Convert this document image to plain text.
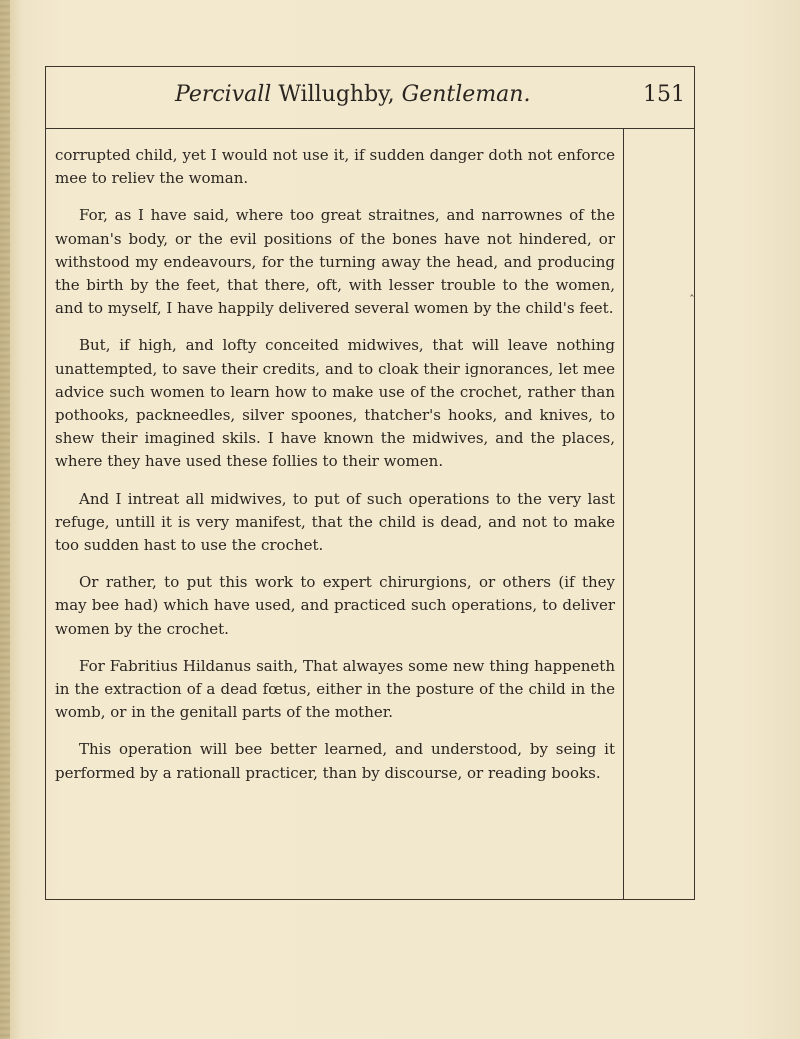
Percivall Willughby, Gentleman.	151
‸

corrupted child, yet I would not use it, if sudden danger doth not enforce mee to reliev the woman.

For, as I have said, where too great straitnes, and narrownes of the woman's body, or the evil positions of the bones have not hindered, or withstood my endeavours, for the turning away the head, and producing the birth by the feet, that there, oft, with lesser trouble to the women, and to myself, I have happily delivered several women by the child's feet.

But, if high, and lofty conceited midwives, that will leave nothing unattempted, to save their credits, and to cloak their ignorances, let mee advice such women to learn how to make use of the crochet, rather than pothooks, packneedles, silver spoones, thatcher's hooks, and knives, to shew their imagined skils. I have known the midwives, and the places, where they have used these follies to their women.

And I intreat all midwives, to put of such operations to the very last refuge, untill it is very manifest, that the child is dead, and not to make too sudden hast to use the crochet.

Or rather, to put this work to expert chirurgions, or others (if they may bee had) which have used, and practiced such operations, to deliver women by the crochet.

For Fabritius Hildanus saith, That alwayes some new thing happeneth in the extraction of a dead fœtus, either in the posture of the child in the womb, or in the genitall parts of the mother.

This operation will bee better learned, and understood, by seing it performed by a rationall practicer, than by discourse, or reading books.
